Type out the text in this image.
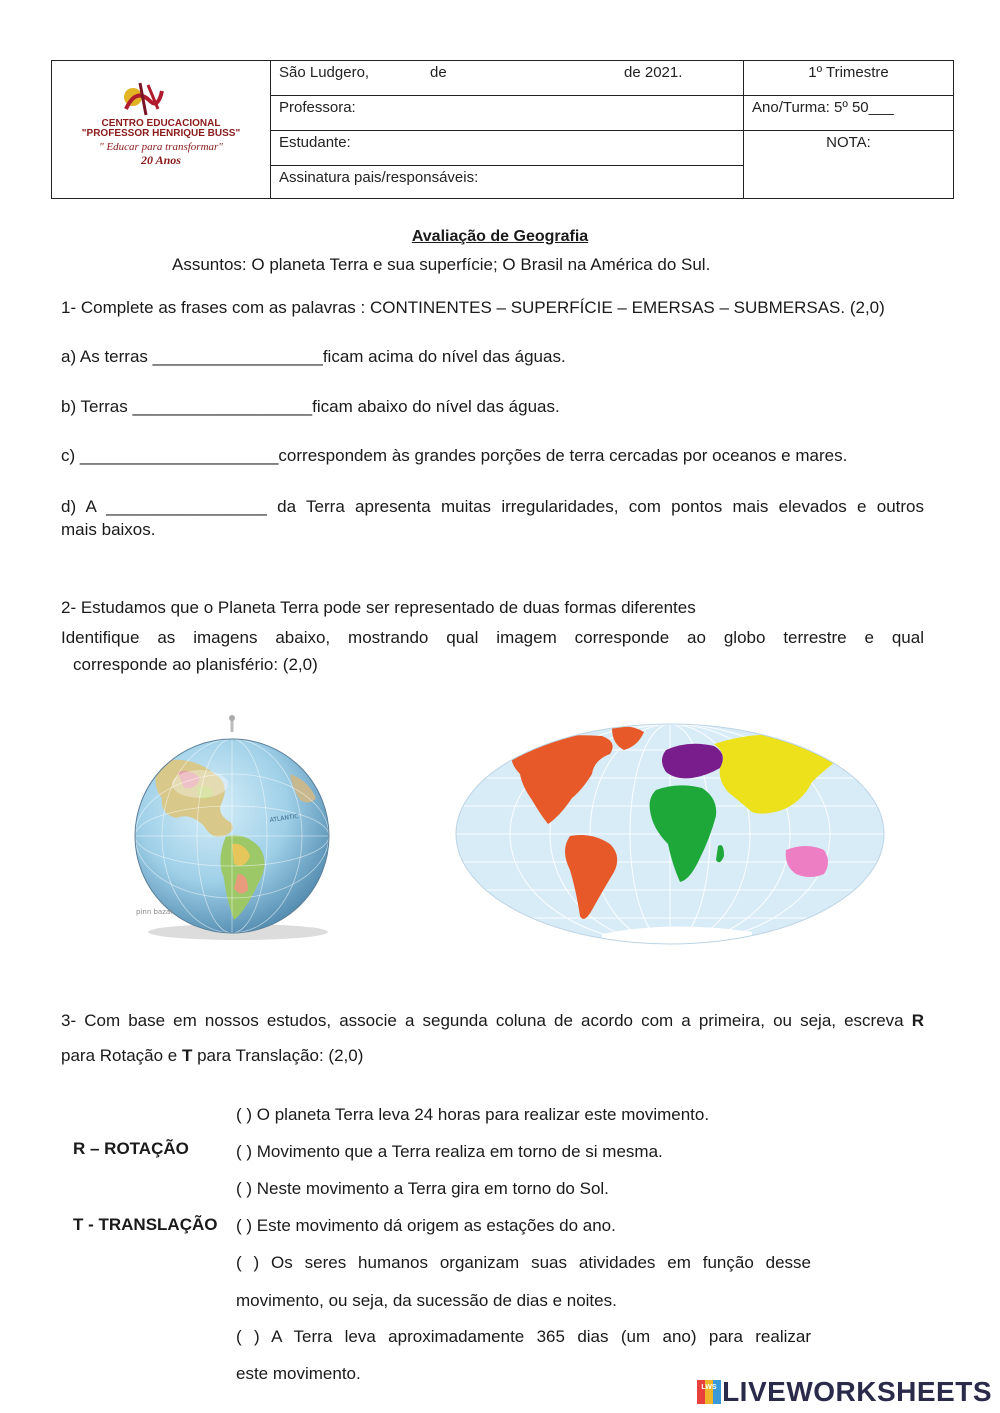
CENTRO EDUCACIONAL
"PROFESSOR HENRIQUE BUSS"
" Educar para transformar"
20 Anos
São Ludgero,	de	de 2021.	1º Trimestre
Professora:	Ano/Turma: 5º 50___
Estudante:	NOTA:
Assinatura pais/responsáveis:
Avaliação de Geografia
Assuntos: O planeta Terra e sua superfície; O Brasil na América do Sul.
1- Complete as frases com as palavras : CONTINENTES – SUPERFÍCIE – EMERSAS – SUBMERSAS. (2,0)
a) As terras __________________ficam acima do nível das águas.
b) Terras ___________________ficam abaixo do nível das águas.
c) _____________________correspondem às grandes porções de terra cercadas por oceanos e mares.
d) A _________________ da Terra apresenta muitas irregularidades, com pontos mais elevados e outros
mais baixos.
2- Estudamos que o Planeta Terra pode ser representado de duas formas diferentes
Identifique as imagens abaixo, mostrando qual imagem corresponde ao globo terrestre e qual
corresponde ao planisfério: (2,0)
ATLANTIC
pinn bazar
3- Com base em nossos estudos, associe a segunda coluna de acordo com a primeira, ou seja, escreva R
para Rotação e T para Translação: (2,0)
R – ROTAÇÃO
T - TRANSLAÇÃO
( ) O planeta Terra leva 24 horas para realizar este movimento.
( ) Movimento que a Terra realiza em torno de si mesma.
( ) Neste movimento a Terra gira em torno do Sol.
( ) Este movimento dá origem as estações do ano.
( ) Os seres humanos organizam suas atividades em função desse
movimento, ou seja, da sucessão de dias e noites.
( ) A Terra leva aproximadamente 365 dias (um ano) para realizar
este movimento.
LWS LIVEWORKSHEETS
